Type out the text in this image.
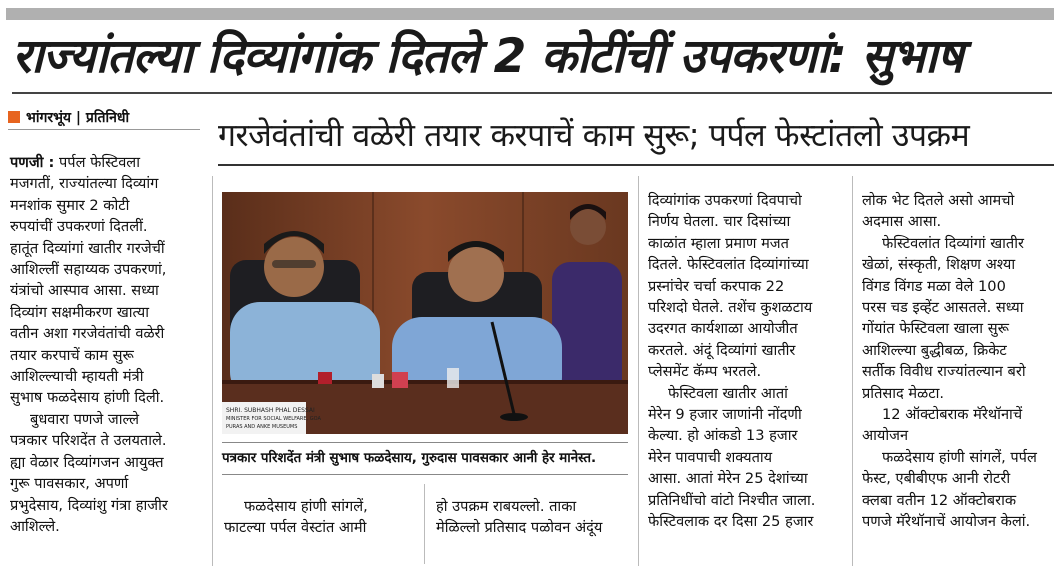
राज्यांतल्या दिव्यांगांक दितले 2 कोटींचीं उपकरणां: सुभाष
भांगरभूंय | प्रतिनिधी	गरजेवंतांची वळेरी तयार करपाचें काम सुरू; पर्पल फेस्टांतलो उपक्रम

पणजी : पर्पल फेस्टिवला

मजगतीं, राज्यांतल्या दिव्यांग

मनशांक सुमार 2 कोटी

रुपयांचीं उपकरणां दितलीं.

हातूंत दिव्यांगां खातीर गरजेचीं

आशिल्लीं सहाय्यक उपकरणां,

यंत्रांचो आस्पाव आसा. सध्या

दिव्यांग सक्षमीकरण खात्या

वतीन अशा गरजेवंतांची वळेरी

तयार करपाचें काम सुरू

आशिल्ल्याची म्हायती मंत्री

सुभाष फळदेसाय हांणी दिली.

बुधवारा पणजे जाल्ले

पत्रकार परिशदेंत ते उलयताले.

ह्या वेळार दिव्यांगजन आयुक्त

गुरू पावसकार, अपर्णा

प्रभुदेसाय, दिव्यांशु गंत्रा हाजीर

आशिल्ले.

SHRI. SUBHASH PHAL DESSAI
MINISTER FOR SOCIAL WELFARE, GOA
PURAS AND ANKE MUSEUMS
पत्रकार परिशदेंत मंत्री सुभाष फळदेसाय, गुरुदास पावसकार आनी हेर मानेस्त.

फळदेसाय हांणी सांगलें,

फाटल्या पर्पल वेस्टांत आमी

हो उपक्रम राबयल्लो. ताका

मेळिल्लो प्रतिसाद पळोवन अंदूंय

दिव्यांगांक उपकरणां दिवपाचो

निर्णय घेतला. चार दिसांच्या

काळांत म्हाला प्रमाण मजत

दितले. फेस्टिवलांत दिव्यांगांच्या

प्रस्नांचेर चर्चा करपाक 22

परिशदो घेतले. तशेंच कुशळटाय

उदरगत कार्यशाळा आयोजीत

करतले. अंदूं दिव्यांगां खातीर

प्लेसमेंट कॅम्प भरतले.

फेस्टिवला खातीर आतां

मेरेन 9 हजार जाणांनी नोंदणी

केल्या. हो आंकडो 13 हजार

मेरेन पावपाची शक्यताय

आसा. आतां मेरेन 25 देशांच्या

प्रतिनिधींचो वांटो निश्चीत जाला.

फेस्टिवलाक दर दिसा 25 हजार

लोक भेट दितले असो आमचो

अदमास आसा.

फेस्टिवलांत दिव्यांगां खातीर

खेळां, संस्कृती, शिक्षण अश्या

विंगड विंगड मळा वेले 100

परस चड इव्हेंट आसतले. सध्या

गोंयांत फेस्टिवला खाला सुरू

आशिल्ल्या बुद्धीबळ, क्रिकेट

सर्तीक विवीध राज्यांतल्यान बरो

प्रतिसाद मेळटा.

12 ऑक्टोबराक मॅरेथॉनाचें

आयोजन

फळदेसाय हांणी सांगलें, पर्पल

फेस्ट, एबीबीएफ आनी रोटरी

क्लबा वतीन 12 ऑक्टोबराक

पणजे मॅरेथॉनाचें आयोजन केलां.
